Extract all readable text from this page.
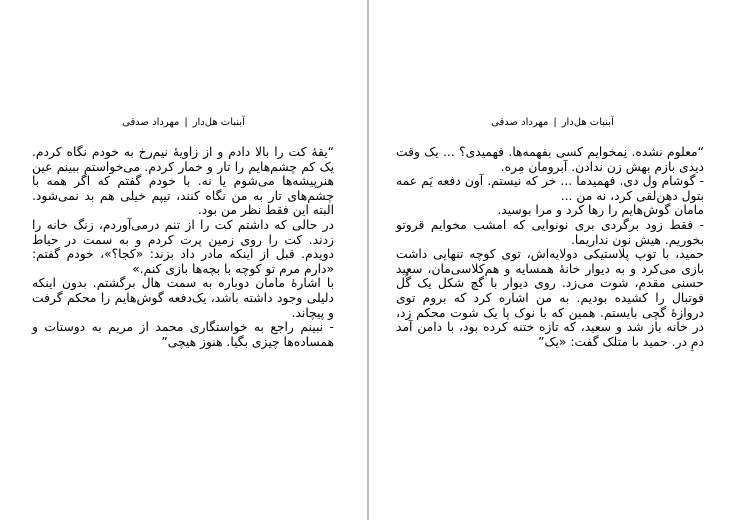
آبنبات هل‌دار|مهرداد صدقی
“یقهٔ کت را بالا دادم و از زاویهٔ نیم‌رخ به خودم نگاه کردم. یک کم چشم‌هایم را تار و خمار کردم. می‌خواستم ببینم عین هنرپیشه‌ها می‌شوم یا نه. با خودم گفتم که اگر همه با چشم‌های تار به من نگاه کنند، تیپم خیلی هم بد نمی‌شود. البته این فقط نظر من بود.
در حالی که داشتم کت را از تنم درمی‌آوردم، زنگ خانه را زدند. کت را روی زمین پرت کردم و به سمت در حیاط دویدم. قبل از اینکه مادر داد بزند: «کجا؟»، خودم گفتم: «دارم مرم تو کوچه با بچه‌ها بازی کنم.»
با اشارهٔ مامان دوباره به سمت هال برگشتم. بدون اینکه دلیلی وجود داشته باشد، یک‌دفعه گوش‌هایم را محکم گرفت و پیچاند.
- نبینم راجع به خواستگاری محمد از مریم به دوستات و همساده‌ها چیزی بگیا. هنوز هیچی”
آبنبات هل‌دار|مهرداد صدقی
“معلوم نشده. نِمخوایم کسی بفهمه‌ها. فهمیدی؟ ... یک وقت دیدی بازم بهش زن ندادن. آبرومان مِره.
- گوشام ول دی. فهمیدما ... خر که نیستم. آون دفعه یَم عمه بتول دهن‌لقی کرد، نه من ...
مامان گوش‌هایم را رها کرد و مرا بوسید.
- فقط زود برگردی بری نونوایی که امشب مخوایم قروتو بخوریم. هیش نون نداریما.
حمید، با توپ پلاستیکی دولایه‌اش، توی کوچه تنهایی داشت بازی می‌کرد و به دیوار خانهٔ همسایه و هم‌کلاسی‌مان، سعید حسنی مقدم، شوت می‌زد. روی دیوار با گچ شکل یک گُل فوتبال را کشیده بودیم. به من اشاره کرد که بروم توی دروازهٔ گچی بایستم. همین که با نوک پا یک شوت محکم زد، در خانه باز شد و سعید، که تازه ختنه کرده بود، با دامن آمد دمِ در. حمید با متلک گفت: «یک”
